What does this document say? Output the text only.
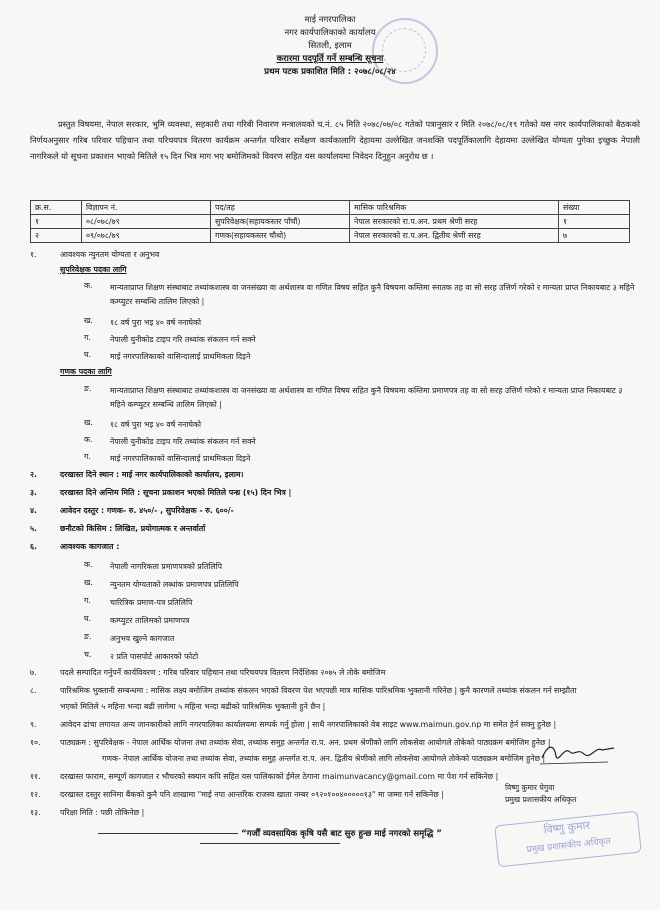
माई नगरपालिका
नगर कार्यपालिकाको कार्यालय
सितली, इलाम
करारमा पदपूर्ति गर्ने सम्बन्धि सूचना
प्रथम पटक प्रकाशित मिति : २०७८/०८/२४
प्रस्तुत विषयमा, नेपाल सरकार, भुमि व्यवस्था, सहकारी तथा गरिबी निवारण मन्त्रालयको च.नं. ८५ मिति २०७८/०७/०८ गतेको पत्रानुसार र मिति २०७८/०८/१९ गतेको यस नगर कार्यपालिकाको बैठकको निर्णयअनुसार गरिब परिवार पहिचान तथा परिचयपत्र वितरण कार्यक्रम अन्तर्गत परिवार सर्वेक्षण कार्यकालागि देहायमा उल्लेखित जनशक्ति पदपूर्तिकालागि देहायमा उल्लेखित योग्यता पुगेका इच्छुक नेपाली नागरिकले यो सूचना प्रकाशन भएको मितिले १५ दिन भित्र माग भए बमोजिमको विवरण सहित यस कार्यालयमा निवेदन दिनुहुन अनुरोध छ ।
क्र.स.	विज्ञापन नं.	पद/तह	मासिक पारिश्रमिक	संख्या
१	०८/०७८/७९	सुपरिवेक्षक(सहायकस्तर पाँचौं)	नेपाल सरकारको रा.प.अन. प्रथम श्रेणी सरह	१
२	०९/०७८/७९	गणक(सहायकस्तर चौथो)	नेपाल सरकारको रा.प.अन. द्वितीय श्रेणी सरह	७
१.	आवश्यक न्युनतम योग्यता र अनुभव
सुपरिवेक्षक पदका लागि
क. मान्यताप्राप्त शिक्षण संस्थाबाट तथ्यांकशास्त्र वा जनसंख्या वा अर्थशास्त्र वा गणित विषय सहित कुनै विषयमा कम्तिमा स्नातक तह वा सो सरह उत्तिर्ण गरेको र मान्यता प्राप्त निकायबाट ३ महिने कम्प्युटर सम्बन्धि तालिम लिएको |
ख. १८ वर्ष पुरा भइ ४० वर्ष ननाघेको
ग. नेपाली युनीकोड टाइप गरि तथ्यांक संकलन गर्न सक्ने
घ. माई नगरपालिकाको वासिन्दालाई प्राथमिकता दिइने
गणक पदका लागि
ङ. मान्यताप्राप्त शिक्षण संस्थाबाट तथ्यांकशास्त्र वा जनसंख्या वा अर्थशास्त्र वा गणित विषय सहित कुनै विषयमा कम्तिमा प्रमाणपत्र तह वा सो सरह उत्तिर्ण गरेको र मान्यता प्राप्त निकायबाट ३ महिने कम्प्युटर सम्बन्धि तालिम लिएको |
ख. १८ वर्ष पुरा भइ ४० वर्ष ननाघेको
क. नेपाली युनीकोड टाइप गरि तथ्यांक संकलन गर्न सक्ने
ग. माई नगरपालिकाको वासिन्दालाई प्राथमिकता दिइने
२.	दरखास्त दिने स्थान : माई नगर कार्यपालिकाको कार्यालय, इलाम।
३.	दरखास्त दिने अन्तिम मिति : सूचना प्रकाशन भएको मितिले पन्ध्र (१५) दिन भित्र |
४.	आवेदन दस्तुर : गणक- रु. ४५०/- , सुपरिवेक्षक - रु. ६००/-
५.	छनौटको किसिम : लिखित, प्रयोगात्मक र अन्तर्वार्ता
६.	आवश्यक कागजात :
क. नेपाली नागरिकता प्रमाणपत्रको प्रतिलिपि
ख. न्युनतम योग्यताको लब्धांक प्रमाणपत्र प्रतिलिपि
ग. चारित्रिक प्रमाण-पत्र प्रतिलिपि
घ. कम्प्युटर तालिमको प्रमाणपत्र
ङ. अनुभव खुल्ने कागजात
च. २ प्रति पासपोर्ट आकारको फोटो
७.	पदले सम्पादित गर्नुपर्ने कार्यविवरण : गरिब परिवार पहिचान तथा परिचयपत्र वितरण निर्देशिका २०७५ ले तोके बमोजिम
८.	पारिश्रमिक भुक्तानी सम्बन्धमा : मासिक लक्ष्य बमोजिम तथ्यांक संकलन भएको विवरण पेश भएपछी मात्र मासिक पारिश्रमिक भुक्तानी गरिनेछ | कुनै कारणले तथ्यांक संकलन गर्न सम्झौता
भएको मितिले ५ महिना भन्दा बढी लागेमा ५ महिना भन्दा बढीको पारिश्रमिक भुक्तानी हुने छैन |
९.	आवेदन ढांचा लगायत अन्य जानकारीको लागि नगरपालिका कार्यालयमा सम्पर्क गर्नु होला | साथै नगरपालिकाको वेब साइट www.maimun.gov.np मा समेत हेर्न सक्नु हुनेछ |
१०.	पाठ्यक्रम : सुपरिवेक्षक - नेपाल आर्थिक योजना तथा तथ्यांक सेवा, तथ्यांक समुह अन्तर्गत रा.प. अन. प्रथम श्रेणीको लागि लोकसेवा आयोगले तोकेको पाठ्यक्रम बमोजिम हुनेछ |
गणक- नेपाल आर्थिक योजना तथा तथ्यांक सेवा, तथ्यांक समुह अन्तर्गत रा.प. अन. द्वितीय श्रेणीको लागि लोकसेवा आयोगले तोकेको पाठ्यक्रम बमोजिम हुनेछ |
११.	दरखास्त फाराम, सम्पूर्ण कागजात र भौचरको स्क्यान कपि सहित यस पालिकाको ईमेल ठेगाना maimunvacancy@gmail.com मा पेश गर्न सकिनेछ |
१२.	दरखास्त दस्तुर सानिमा बैंकको कुनै पनि शाखामा "माई नपा आन्तरिक राजस्व खाता नम्बर ०९२०१००४०००००१३" मा जम्मा गर्न सकिनेछ |
१३.	परिक्षा मिति : पछी तोकिनेछ |
विष्णु कुमार घेगुवा
प्रमुख प्रशासकीय अधिकृत
विष्णु कुमार
प्रमुख प्रशासकीय अधिकृत
“गर्जौं व्यवसायिक कृषि यसै बाट सुरु हुन्छ माई नगरको समृद्धि ”
